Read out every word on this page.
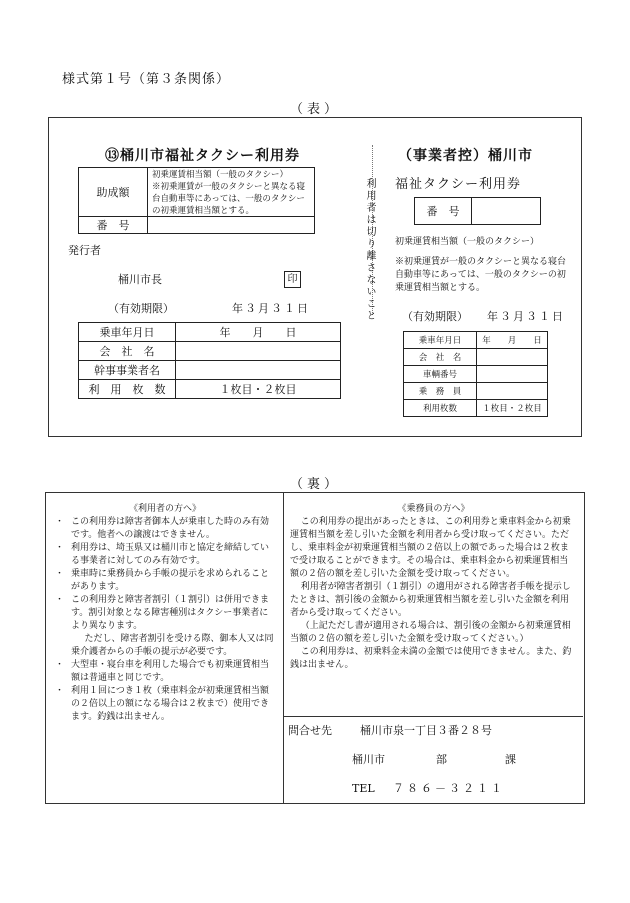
様式第１号（第３条関係）
（表）
⑬桶川市福祉タクシー利用券
助成額	初乗運賃相当額（一般のタクシー）
※初乗運賃が一般のタクシーと異なる寝台自動車等にあっては、一般のタクシーの初乗運賃相当額とする。

番　号	
発行者
桶川市長	印
（有効期限）	年３月３１日
乗車年月日	年　　月　　日
会　社　名	
幹事事業者名	
利　用　枚　数	１枚目・２枚目
利用者は切り離さないこと
（事業者控）桶川市
福祉タクシー利用券
番　号	
初乗運賃相当額（一般のタクシー）
※初乗運賃が一般のタクシーと異なる寝台自動車等にあっては、一般のタクシーの初乗運賃相当額とする。
（有効期限） 年３月３１日
乗車年月日	年　　月　　日
会　社　名	
車輌番号	
乗　務　員	
利用枚数	１枚目・２枚目
（裏）
《利用者の方へ》
・ この利用券は障害者御本人が乗車した時のみ有効です。他者への譲渡はできません。
・ 利用券は、埼玉県又は桶川市と協定を締結している事業者に対してのみ有効です。
・ 乗車時に乗務員から手帳の提示を求められることがあります。
・ この利用券と障害者割引（１割引）は併用できます。割引対象となる障害種別はタクシー事業者により異なります。
ただし、障害者割引を受ける際、御本人又は同乗介護者からの手帳の提示が必要です。
・ 大型車・寝台車を利用した場合でも初乗運賃相当額は普通車と同じです。
・ 利用１回につき１枚（乗車料金が初乗運賃相当額の２倍以上の額になる場合は２枚まで）使用できます。釣銭は出ません。
《乗務員の方へ》

この利用券の提出があったときは、この利用券と乗車料金から初乗運賃相当額を差し引いた金額を利用者から受け取ってください。ただし、乗車料金が初乗運賃相当額の２倍以上の額であった場合は２枚まで受け取ることができます。その場合は、乗車料金から初乗運賃相当額の２倍の額を差し引いた金額を受け取ってください。

利用者が障害者割引（１割引）の適用がされる障害者手帳を提示したときは、割引後の金額から初乗運賃相当額を差し引いた金額を利用者から受け取ってください。

（上記ただし書が適用される場合は、割引後の金額から初乗運賃相当額の２倍の額を差し引いた金額を受け取ってください。）

この利用券は、初乗料金未満の金額では使用できません。また、釣銭は出ません。

問合せ先	桶川市泉一丁目３番２８号
桶川市	部	課
TEL ７８６－３２１１
